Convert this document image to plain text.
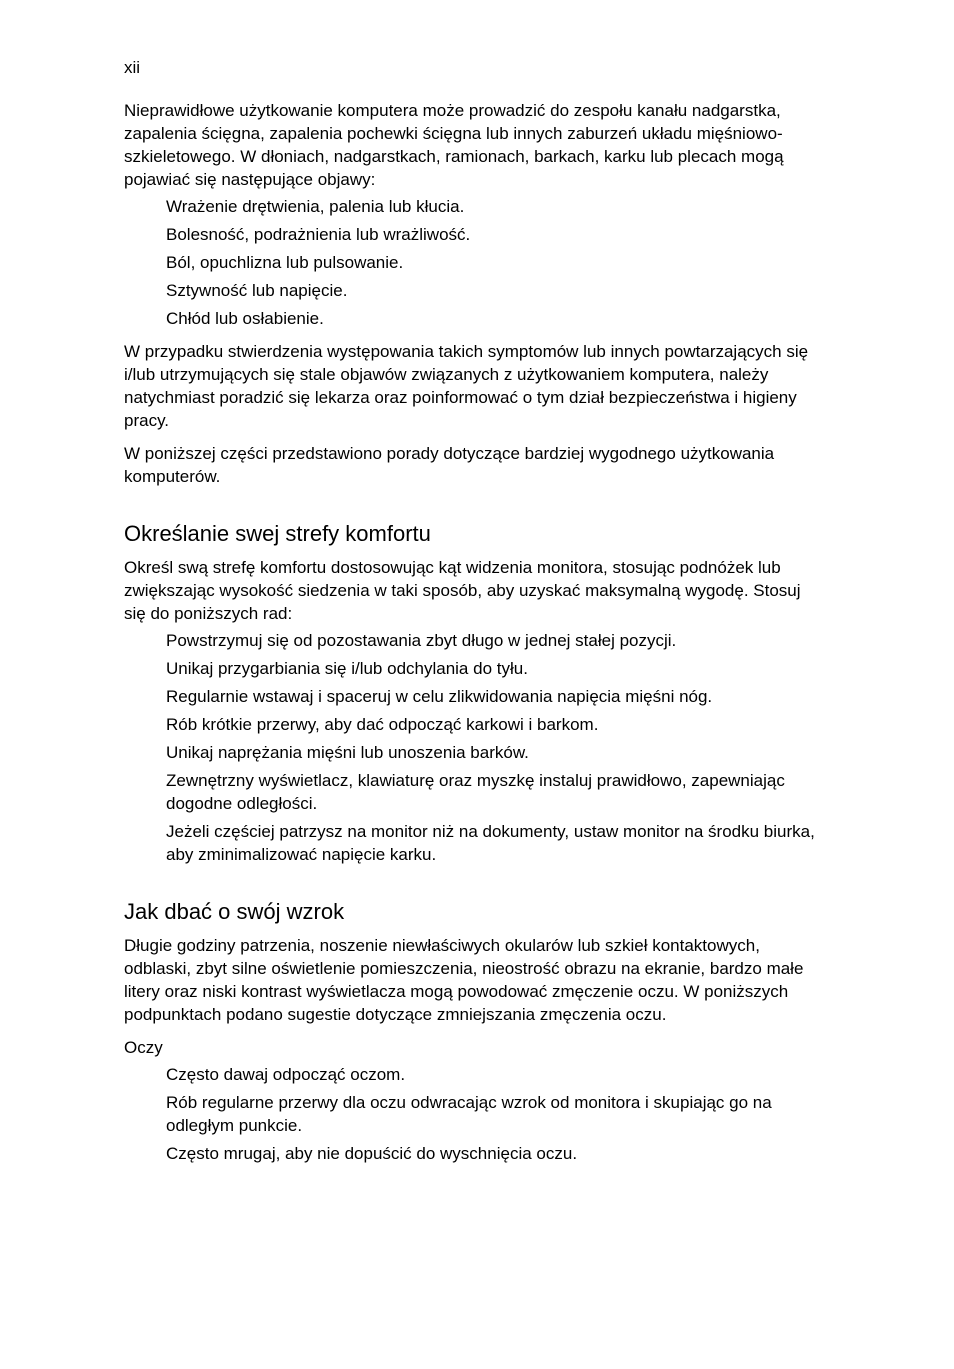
xii

Nieprawidłowe użytkowanie komputera może prowadzić do zespołu kanału nadgarstka, zapalenia ścięgna, zapalenia pochewki ścięgna lub innych zaburzeń układu mięśniowo-szkieletowego. W dłoniach, nadgarstkach, ramionach, barkach, karku lub plecach mogą pojawiać się następujące objawy:

Wrażenie drętwienia, palenia lub kłucia.
Bolesność, podrażnienia lub wrażliwość.
Ból, opuchlizna lub pulsowanie.
Sztywność lub napięcie.
Chłód lub osłabienie.

W przypadku stwierdzenia występowania takich symptomów lub innych powtarzających się i/lub utrzymujących się stale objawów związanych z użytkowaniem komputera, należy natychmiast poradzić się lekarza oraz poinformować o tym dział bezpieczeństwa i higieny pracy.

W poniższej części przedstawiono porady dotyczące bardziej wygodnego użytkowania komputerów.

Określanie swej strefy komfortu

Określ swą strefę komfortu dostosowując kąt widzenia monitora, stosując podnóżek lub zwiększając wysokość siedzenia w taki sposób, aby uzyskać maksymalną wygodę. Stosuj się do poniższych rad:

Powstrzymuj się od pozostawania zbyt długo w jednej stałej pozycji.
Unikaj przygarbiania się i/lub odchylania do tyłu.
Regularnie wstawaj i spaceruj w celu zlikwidowania napięcia mięśni nóg.
Rób krótkie przerwy, aby dać odpocząć karkowi i barkom.
Unikaj naprężania mięśni lub unoszenia barków.
Zewnętrzny wyświetlacz, klawiaturę oraz myszkę instaluj prawidłowo, zapewniając dogodne odległości.
Jeżeli częściej patrzysz na monitor niż na dokumenty, ustaw monitor na środku biurka, aby zminimalizować napięcie karku.
Jak dbać o swój wzrok

Długie godziny patrzenia, noszenie niewłaściwych okularów lub szkieł kontaktowych, odblaski, zbyt silne oświetlenie pomieszczenia, nieostrość obrazu na ekranie, bardzo małe litery oraz niski kontrast wyświetlacza mogą powodować zmęczenie oczu. W poniższych podpunktach podano sugestie dotyczące zmniejszania zmęczenia oczu.

Oczy

Często dawaj odpocząć oczom.
Rób regularne przerwy dla oczu odwracając wzrok od monitora i skupiając go na odległym punkcie.
Często mrugaj, aby nie dopuścić do wyschnięcia oczu.
